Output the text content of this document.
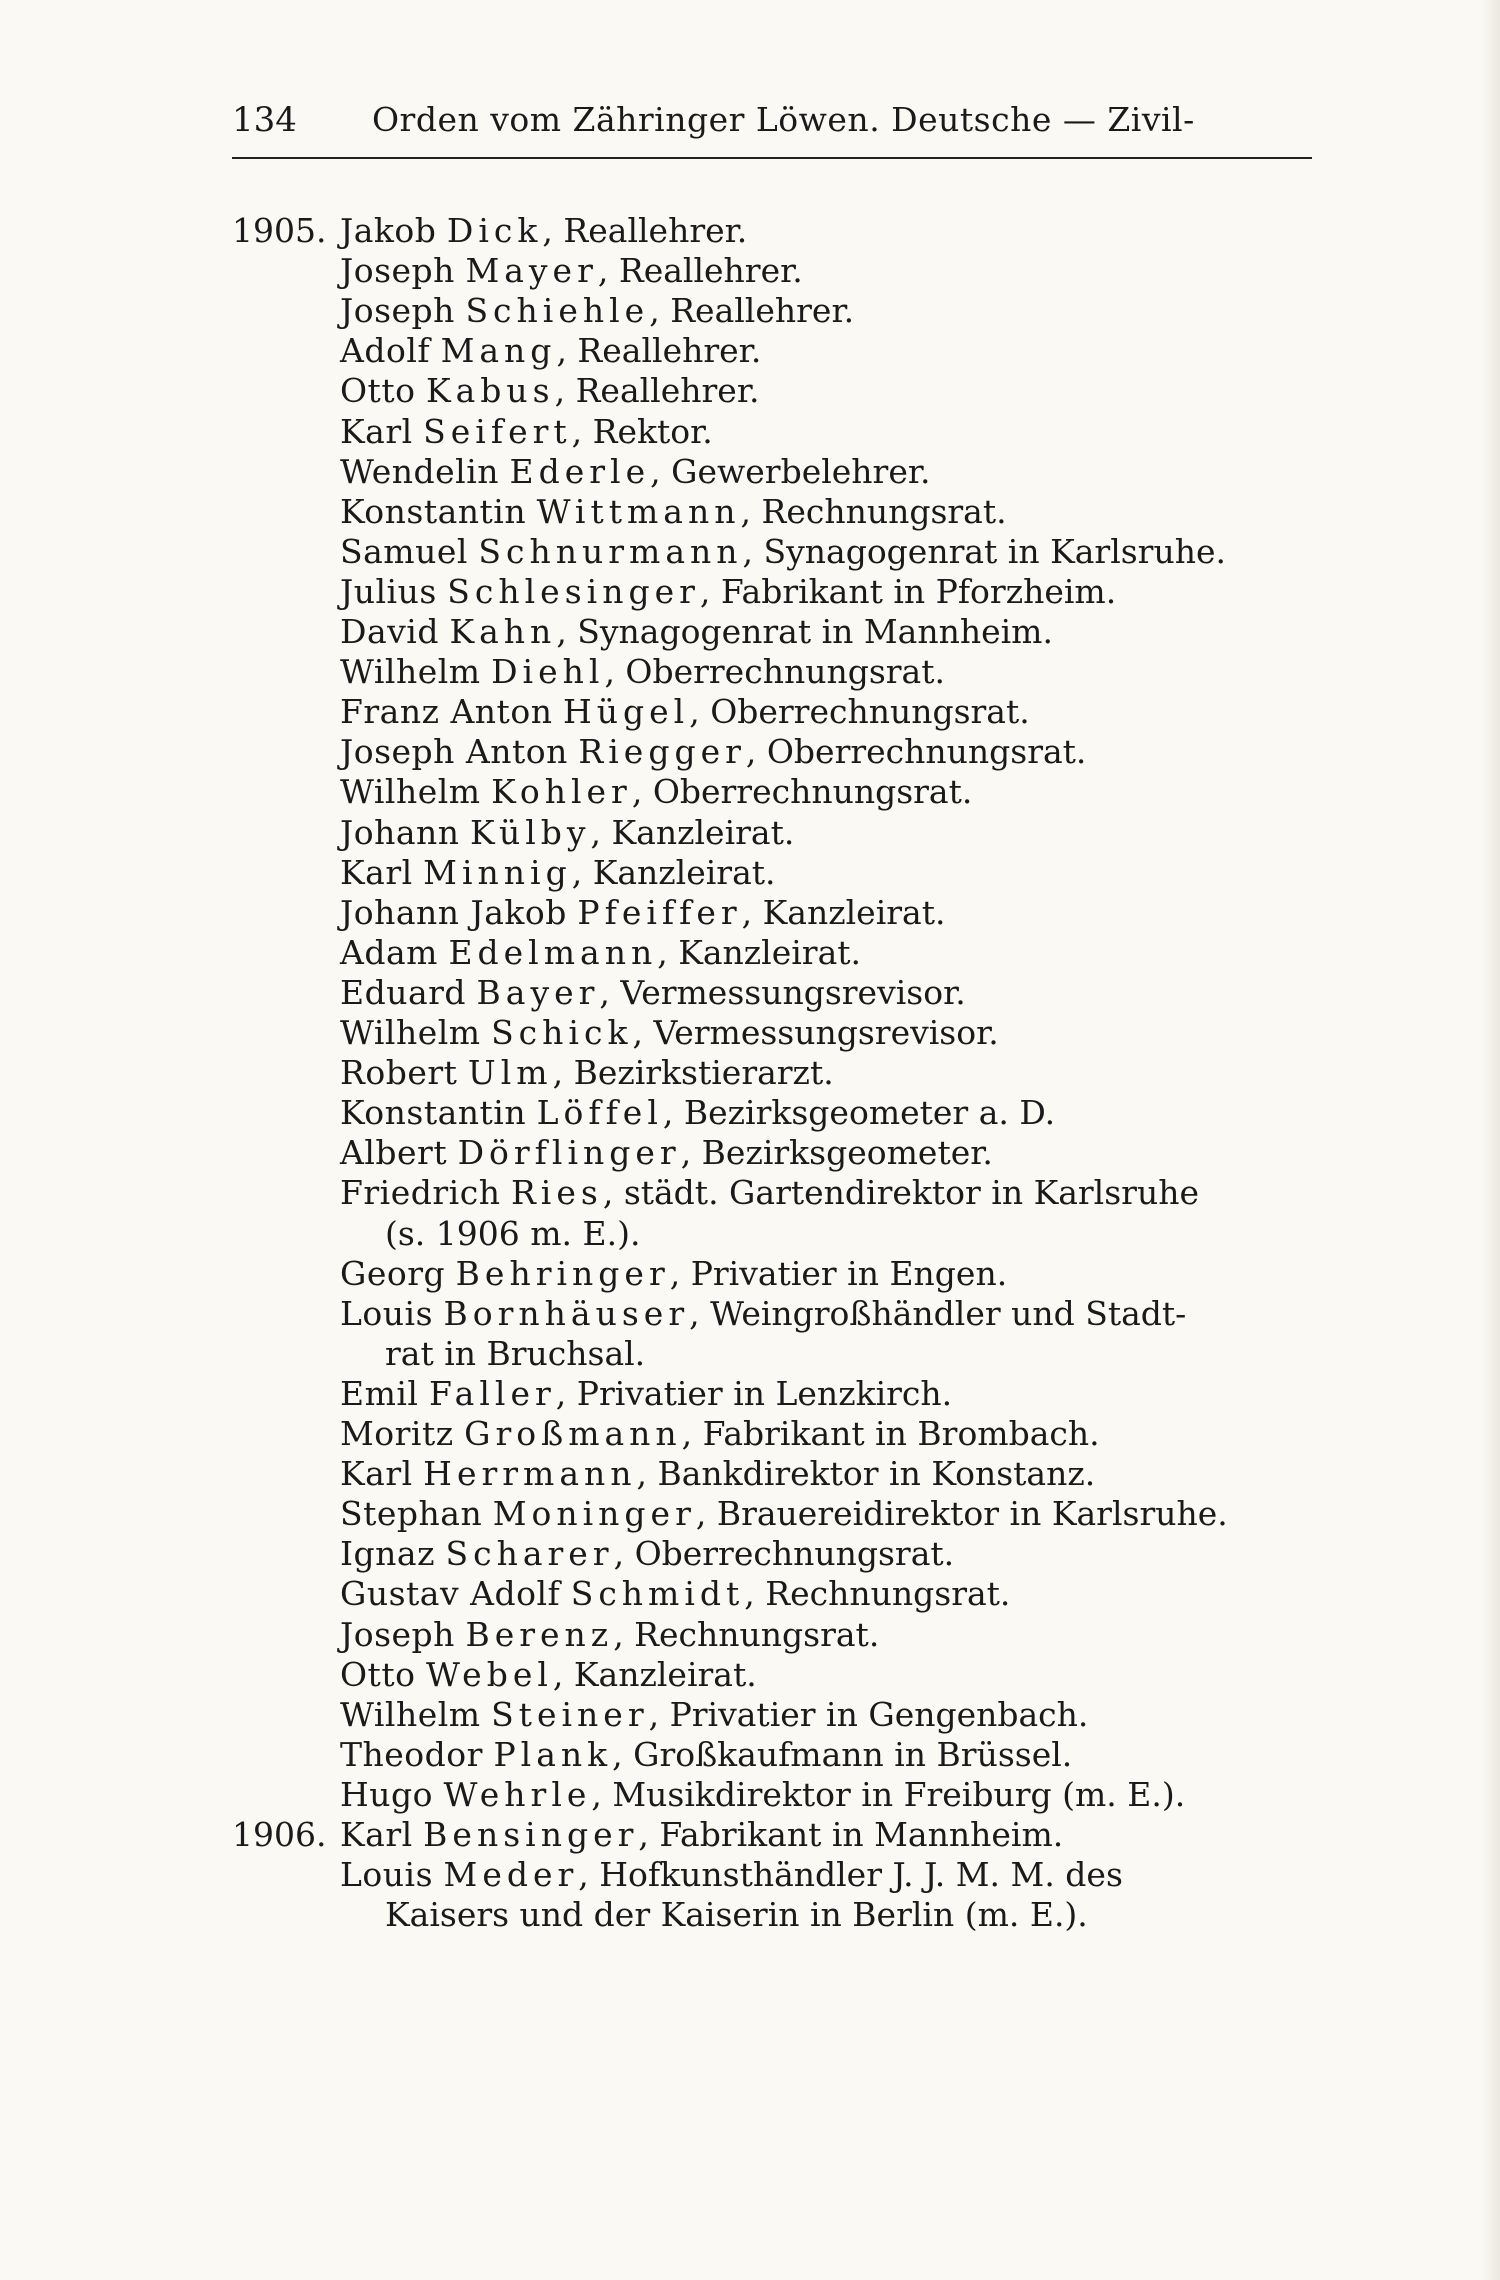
134 Orden vom Zähringer Löwen. Deutsche — Zivil-
1905. Jakob Dick, Reallehrer.
Joseph Mayer, Reallehrer.
Joseph Schiehle, Reallehrer.
Adolf Mang, Reallehrer.
Otto Kabus, Reallehrer.
Karl Seifert, Rektor.
Wendelin Ederle, Gewerbelehrer.
Konstantin Wittmann, Rechnungsrat.
Samuel Schnurmann, Synagogenrat in Karlsruhe.
Julius Schlesinger, Fabrikant in Pforzheim.
David Kahn, Synagogenrat in Mannheim.
Wilhelm Diehl, Oberrechnungsrat.
Franz Anton Hügel, Oberrechnungsrat.
Joseph Anton Riegger, Oberrechnungsrat.
Wilhelm Kohler, Oberrechnungsrat.
Johann Külby, Kanzleirat.
Karl Minnig, Kanzleirat.
Johann Jakob Pfeiffer, Kanzleirat.
Adam Edelmann, Kanzleirat.
Eduard Bayer, Vermessungsrevisor.
Wilhelm Schick, Vermessungsrevisor.
Robert Ulm, Bezirkstierarzt.
Konstantin Löffel, Bezirksgeometer a. D.
Albert Dörflinger, Bezirksgeometer.
Friedrich Ries, städt. Gartendirektor in Karlsruhe
(s. 1906 m. E.).
Georg Behringer, Privatier in Engen.
Louis Bornhäuser, Weingroßhändler und Stadt-
rat in Bruchsal.
Emil Faller, Privatier in Lenzkirch.
Moritz Großmann, Fabrikant in Brombach.
Karl Herrmann, Bankdirektor in Konstanz.
Stephan Moninger, Brauereidirektor in Karlsruhe.
Ignaz Scharer, Oberrechnungsrat.
Gustav Adolf Schmidt, Rechnungsrat.
Joseph Berenz, Rechnungsrat.
Otto Webel, Kanzleirat.
Wilhelm Steiner, Privatier in Gengenbach.
Theodor Plank, Großkaufmann in Brüssel.
Hugo Wehrle, Musikdirektor in Freiburg (m. E.).
1906. Karl Bensinger, Fabrikant in Mannheim.
Louis Meder, Hofkunsthändler J. J. M. M. des
Kaisers und der Kaiserin in Berlin (m. E.).
